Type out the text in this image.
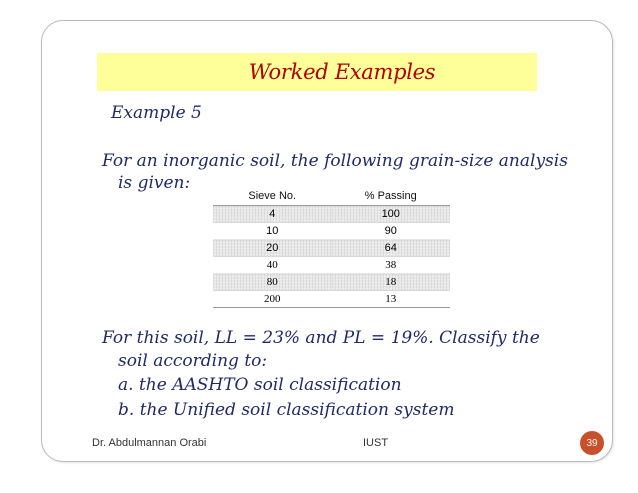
Worked Examples
Example 5
For an inorganic soil, the following grain-size analysis
is given:
Sieve No.	% Passing
4	100
10	90
20	64
40	38
80	18
200	13
For this soil, LL = 23% and PL = 19%. Classify the
soil according to:
a. the AASHTO soil classification
b. the Unified soil classification system
Dr. Abdulmannan Orabi	IUST	39
